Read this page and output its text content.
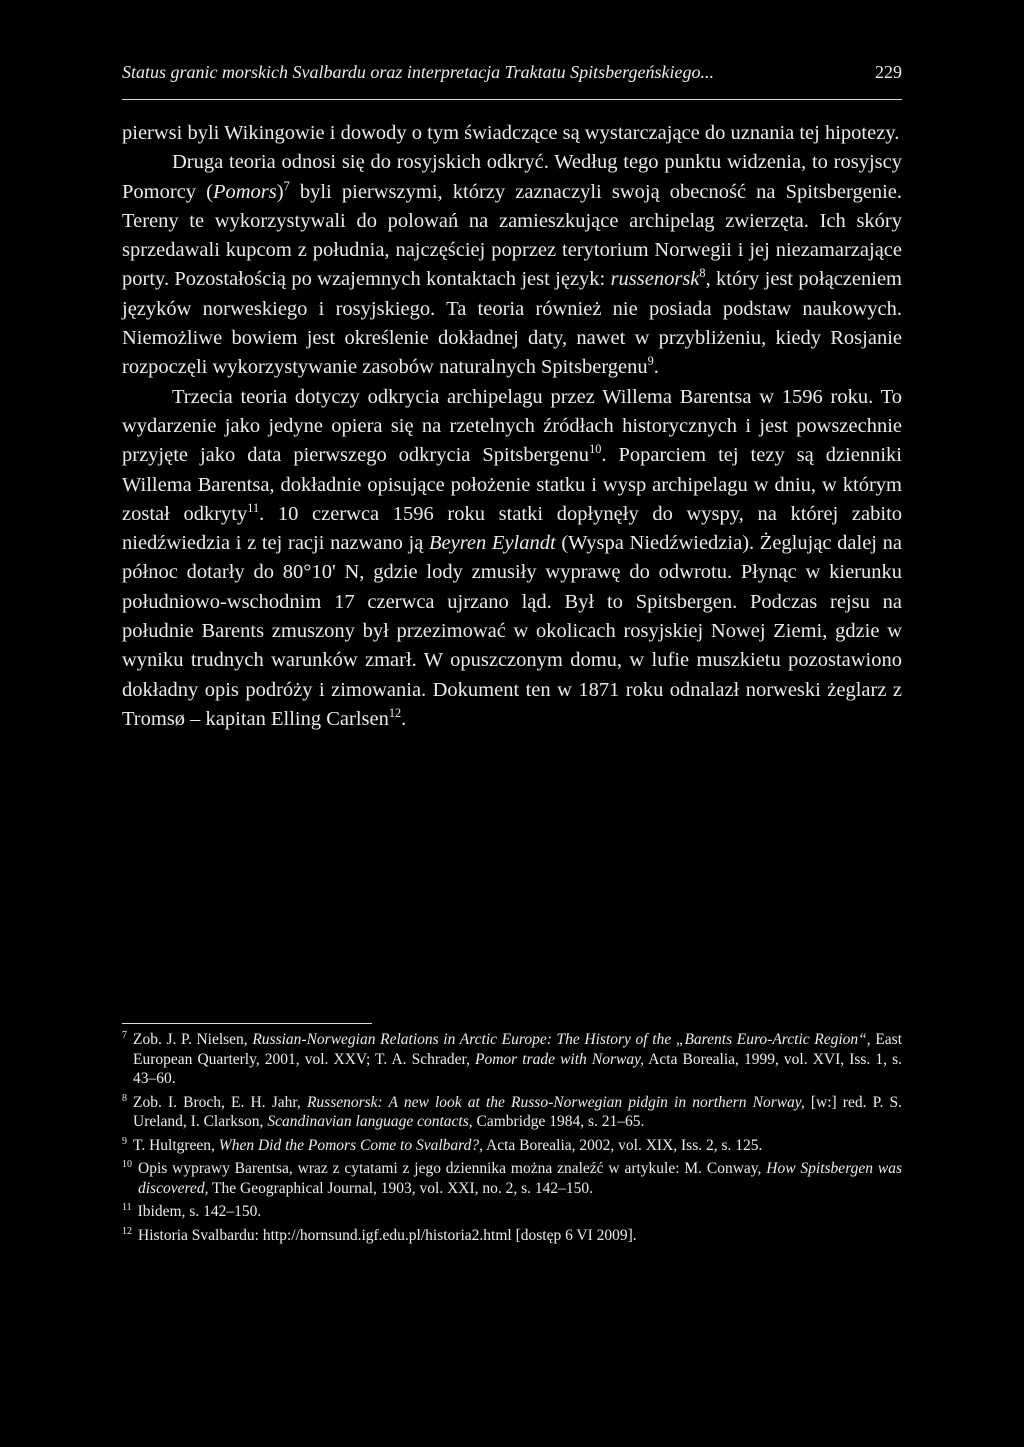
Status granic morskich Svalbardu oraz interpretacja Traktatu Spitsbergeńskiego...	229

pierwsi byli Wikingowie i dowody o tym świadczące są wystarczające do uznania tej hipotezy.

Druga teoria odnosi się do rosyjskich odkryć. Według tego punktu widzenia, to rosyjscy Pomorcy (Pomors)$^7$ byli pierwszymi, którzy zaznaczyli swoją obecność na Spitsbergenie. Tereny te wykorzystywali do polowań na zamieszkujące archipelag zwierzęta. Ich skóry sprzedawali kupcom z południa, najczęściej poprzez terytorium Norwegii i jej niezamarzające porty. Pozostałością po wzajemnych kontaktach jest język: russenorsk$^8$, który jest połączeniem języków norweskiego i rosyjskiego. Ta teoria również nie posiada podstaw naukowych. Niemożliwe bowiem jest określenie dokładnej daty, nawet w przybliżeniu, kiedy Rosjanie rozpoczęli wykorzystywanie zasobów naturalnych Spitsbergenu$^9$.

Trzecia teoria dotyczy odkrycia archipelagu przez Willema Barentsa w 1596 roku. To wydarzenie jako jedyne opiera się na rzetelnych źródłach historycznych i jest powszechnie przyjęte jako data pierwszego odkrycia Spitsbergenu$^{10}$. Poparciem tej tezy są dzienniki Willema Barentsa, dokładnie opisujące położenie statku i wysp archipelagu w dniu, w którym został odkryty$^{11}$. 10 czerwca 1596 roku statki dopłynęły do wyspy, na której zabito niedźwiedzia i z tej racji nazwano ją Beyren Eylandt (Wyspa Niedźwiedzia). Żeglując dalej na północ dotarły do 80°10' N, gdzie lody zmusiły wyprawę do odwrotu. Płynąc w kierunku południowo-wschodnim 17 czerwca ujrzano ląd. Był to Spitsbergen. Podczas rejsu na południe Barents zmuszony był przezimować w okolicach rosyjskiej Nowej Ziemi, gdzie w wyniku trudnych warunków zmarł. W opuszczonym domu, w lufie muszkietu pozostawiono dokładny opis podróży i zimowania. Dokument ten w 1871 roku odnalazł norweski żeglarz z Tromsø – kapitan Elling Carlsen$^{12}$.

7 Zob. J. P. Nielsen, Russian-Norwegian Relations in Arctic Europe: The History of the „Barents Euro-Arctic Region“, East European Quarterly, 2001, vol. XXV; T. A. Schrader, Pomor trade with Norway, Acta Borealia, 1999, vol. XVI, Iss. 1, s. 43–60.
8 Zob. I. Broch, E. H. Jahr, Russenorsk: A new look at the Russo-Norwegian pidgin in northern Norway, [w:] red. P. S. Ureland, I. Clarkson, Scandinavian language contacts, Cambridge 1984, s. 21–65.
9 T. Hultgreen, When Did the Pomors Come to Svalbard?, Acta Borealia, 2002, vol. XIX, Iss. 2, s. 125.
10 Opis wyprawy Barentsa, wraz z cytatami z jego dziennika można znaleźć w artykule: M. Conway, How Spitsbergen was discovered, The Geographical Journal, 1903, vol. XXI, no. 2, s. 142–150.
11 Ibidem, s. 142–150.
12 Historia Svalbardu: http://hornsund.igf.edu.pl/historia2.html [dostęp 6 VI 2009].
